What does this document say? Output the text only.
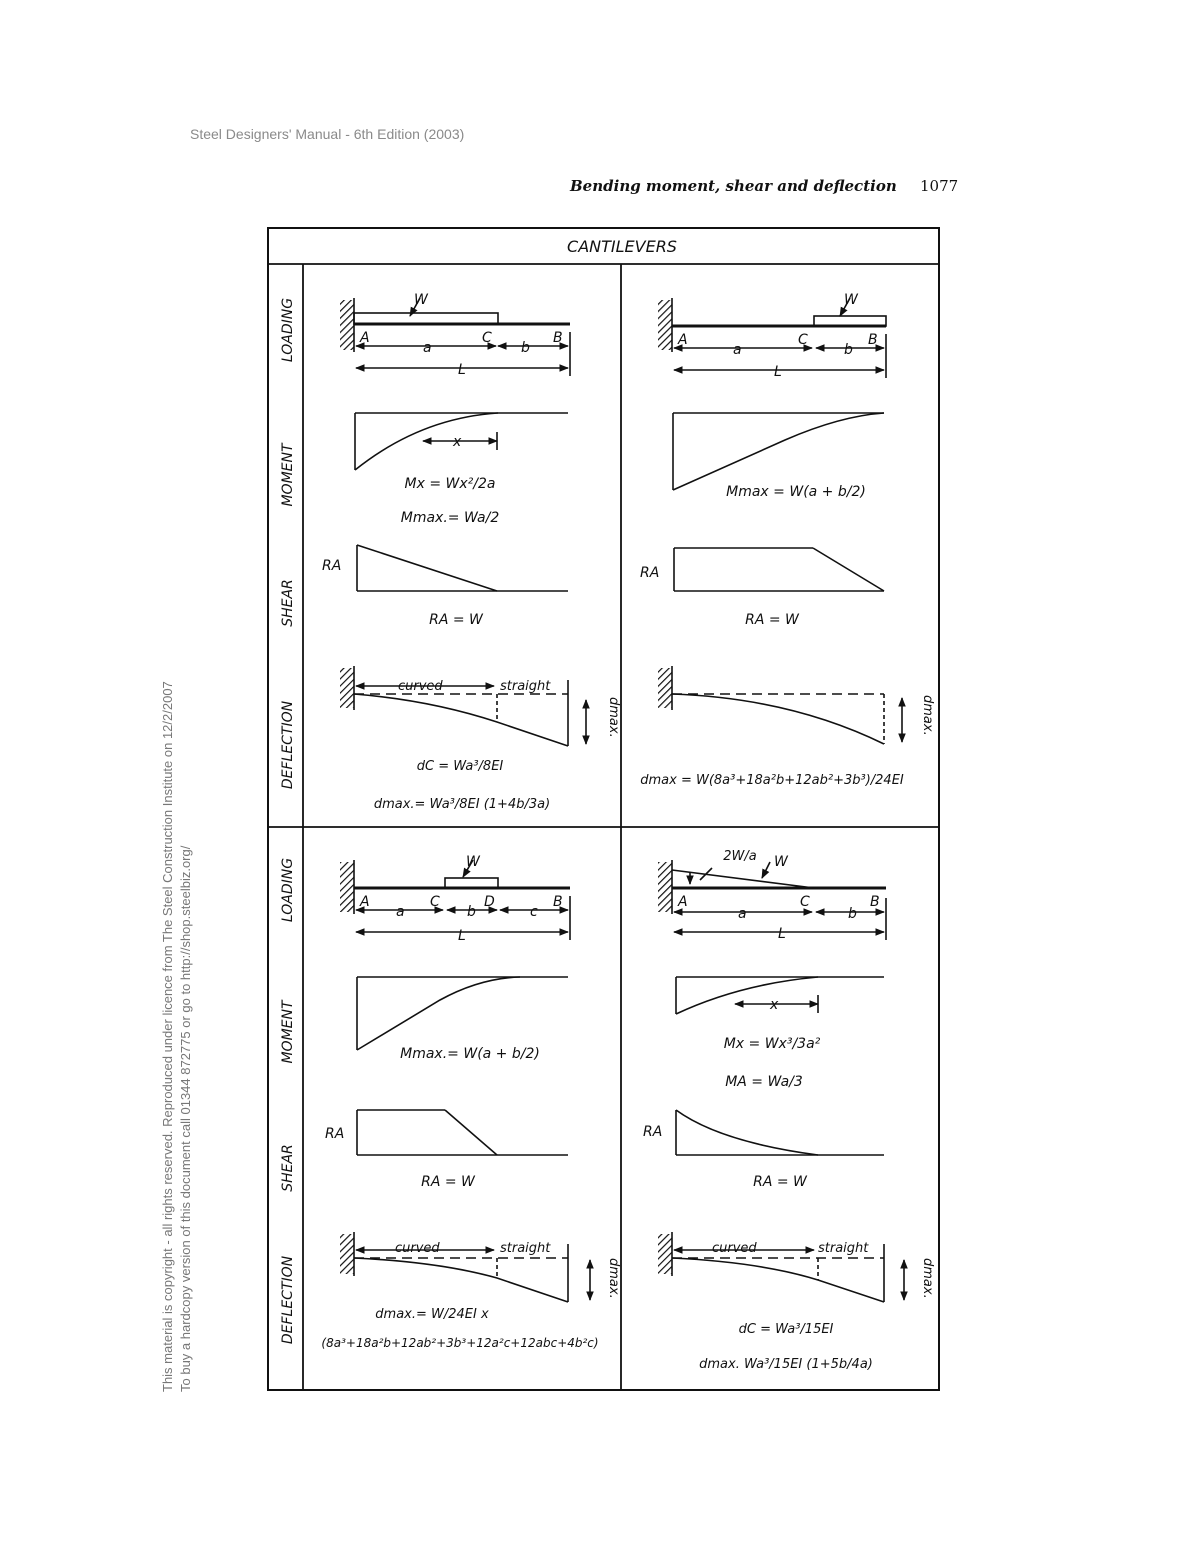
Steel Designers' Manual - 6th Edition (2003)
Bending moment, shear and deflection 1077
This material is copyright - all rights reserved. Reproduced under licence from The Steel Construction Institute on 12/2/2007 To buy a hardcopy version of this document call 01344 872775 or go to http://shop.steelbiz.org/
CANTILEVERS
LOADING
MOMENT
SHEAR
DEFLECTION
LOADING
MOMENT
SHEAR
DEFLECTION
W
A
a
C
b
B
L
x
Mx = Wx²/2a
Mmax.= Wa/2
RA
RA = W
curved	straight
dmax.
dC = Wa³/8EI
dmax.= Wa³/8EI (1+4b/3a)
W
A
a
C
b
B
L
Mmax = W(a + b/2)
RA
RA = W
dmax.
dmax = W(8a³+18a²b+12ab²+3b³)/24EI
W
A
a
C
b
D
c
B
L
Mmax.= W(a + b/2)
RA
RA = W
curved	straight
dmax.
dmax.= W/24EI x
(8a³+18a²b+12ab²+3b³+12a²c+12abc+4b²c)
2W/a W
A
a
C
b
B
L
x
Mx = Wx³/3a²
MA = Wa/3
RA
RA = W
curved	straight
dmax.
dC = Wa³/15EI
dmax. Wa³/15EI (1+5b/4a)
